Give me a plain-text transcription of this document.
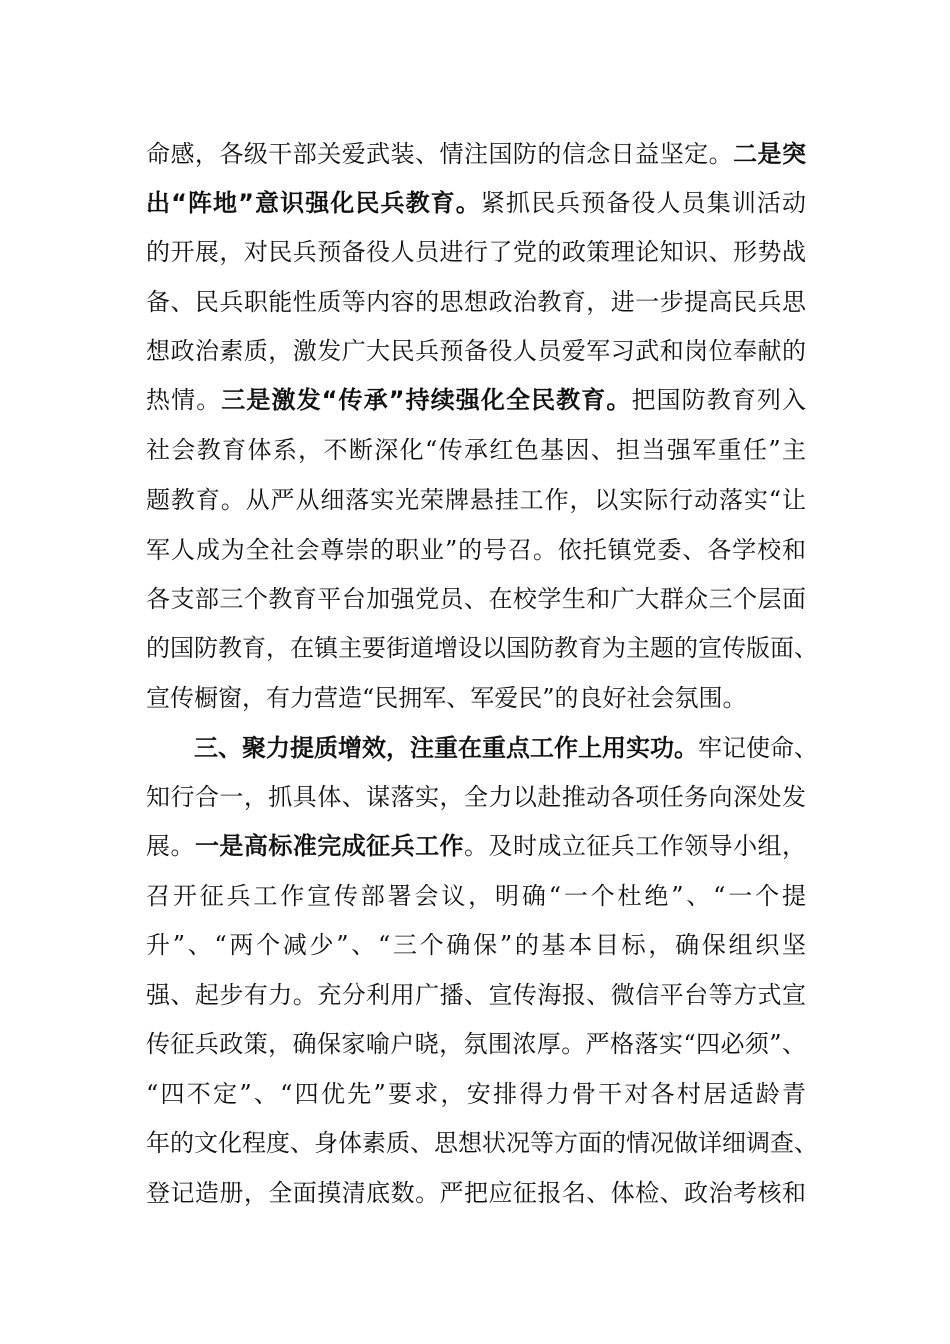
命感，各级干部关爱武装、情注国防的信念日益坚定。二是突
出“阵地”意识强化民兵教育。紧抓民兵预备役人员集训活动
的开展，对民兵预备役人员进行了党的政策理论知识、形势战
备、民兵职能性质等内容的思想政治教育，进一步提高民兵思
想政治素质，激发广大民兵预备役人员爱军习武和岗位奉献的
热情。三是激发“传承”持续强化全民教育。把国防教育列入
社会教育体系，不断深化“传承红色基因、担当强军重任”主
题教育。从严从细落实光荣牌悬挂工作，以实际行动落实“让
军人成为全社会尊崇的职业”的号召。依托镇党委、各学校和
各支部三个教育平台加强党员、在校学生和广大群众三个层面
的国防教育，在镇主要街道增设以国防教育为主题的宣传版面、
宣传橱窗，有力营造“民拥军、军爱民”的良好社会氛围。
三、聚力提质增效，注重在重点工作上用实功。牢记使命、
知行合一，抓具体、谋落实，全力以赴推动各项任务向深处发
展。一是高标准完成征兵工作。及时成立征兵工作领导小组，
召开征兵工作宣传部署会议，明确“一个杜绝”、“一个提
升”、“两个减少”、“三个确保”的基本目标，确保组织坚
强、起步有力。充分利用广播、宣传海报、微信平台等方式宣
传征兵政策，确保家喻户晓，氛围浓厚。严格落实“四必须”、
“四不定”、“四优先”要求，安排得力骨干对各村居适龄青
年的文化程度、身体素质、思想状况等方面的情况做详细调查、
登记造册，全面摸清底数。严把应征报名、体检、政治考核和
